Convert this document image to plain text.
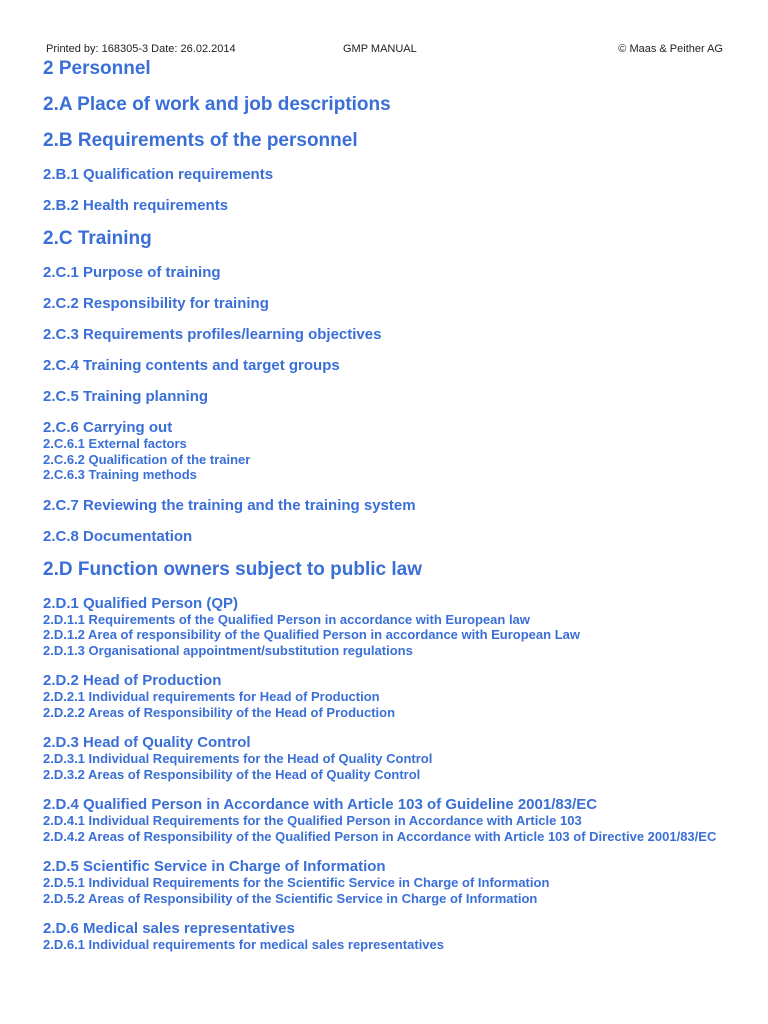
Printed by: 168305-3 Date: 26.02.2014	GMP MANUAL	© Maas & Peither AG
2 Personnel
2.A Place of work and job descriptions
2.B Requirements of the personnel
2.B.1 Qualification requirements
2.B.2 Health requirements
2.C Training
2.C.1 Purpose of training
2.C.2 Responsibility for training
2.C.3 Requirements profiles/learning objectives
2.C.4 Training contents and target groups
2.C.5 Training planning
2.C.6 Carrying out
2.C.6.1 External factors
2.C.6.2 Qualification of the trainer
2.C.6.3 Training methods
2.C.7 Reviewing the training and the training system
2.C.8 Documentation
2.D Function owners subject to public law
2.D.1 Qualified Person (QP)
2.D.1.1 Requirements of the Qualified Person in accordance with European law
2.D.1.2 Area of responsibility of the Qualified Person in accordance with European Law
2.D.1.3 Organisational appointment/substitution regulations
2.D.2 Head of Production
2.D.2.1 Individual requirements for Head of Production
2.D.2.2 Areas of Responsibility of the Head of Production
2.D.3 Head of Quality Control
2.D.3.1 Individual Requirements for the Head of Quality Control
2.D.3.2 Areas of Responsibility of the Head of Quality Control
2.D.4 Qualified Person in Accordance with Article 103 of Guideline 2001/83/EC
2.D.4.1 Individual Requirements for the Qualified Person in Accordance with Article 103
2.D.4.2 Areas of Responsibility of the Qualified Person in Accordance with Article 103 of Directive 2001/83/EC
2.D.5 Scientific Service in Charge of Information
2.D.5.1 Individual Requirements for the Scientific Service in Charge of Information
2.D.5.2 Areas of Responsibility of the Scientific Service in Charge of Information
2.D.6 Medical sales representatives
2.D.6.1 Individual requirements for medical sales representatives
